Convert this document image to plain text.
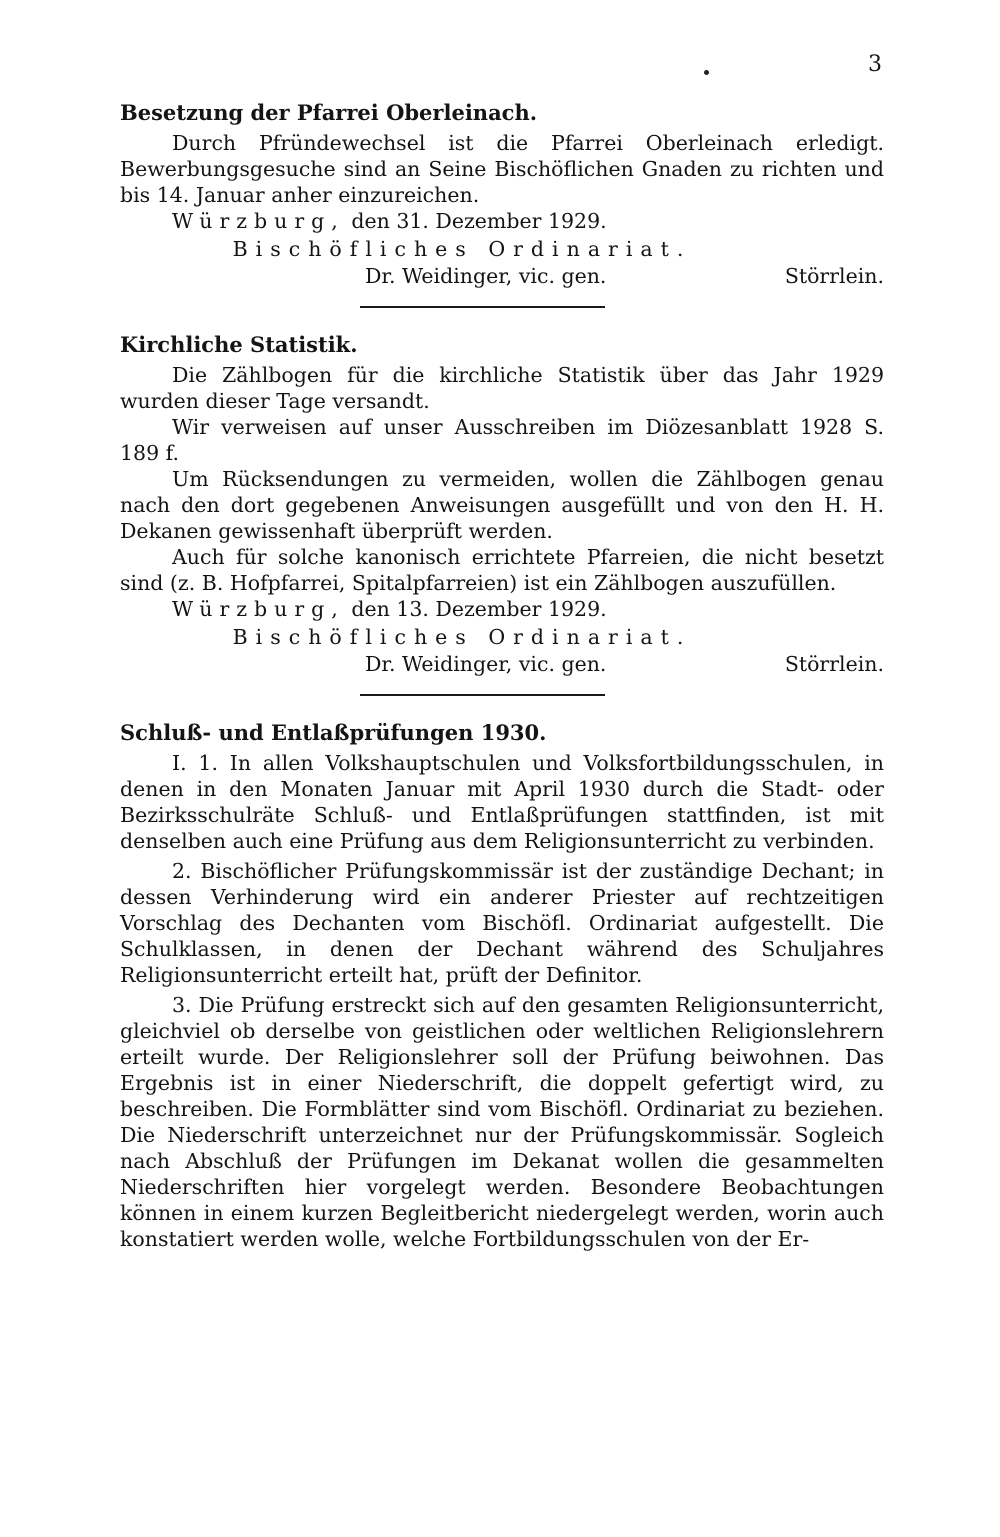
3
Besetzung der Pfarrei Oberleinach.

Durch Pfründewechsel ist die Pfarrei Oberleinach erledigt. Bewerbungsgesuche sind an Seine Bischöflichen Gnaden zu richten und bis 14. Januar anher einzureichen.

Würzburg, den 31. Dezember 1929.

Bischöfliches Ordinariat.

Dr. Weidinger, vic. gen.	Störrlein.
Kirchliche Statistik.

Die Zählbogen für die kirchliche Statistik über das Jahr 1929 wurden dieser Tage versandt.

Wir verweisen auf unser Ausschreiben im Diözesanblatt 1928 S. 189 f.

Um Rücksendungen zu vermeiden, wollen die Zählbogen genau nach den dort gegebenen Anweisungen ausgefüllt und von den H. H. Dekanen gewissenhaft überprüft werden.

Auch für solche kanonisch errichtete Pfarreien, die nicht besetzt sind (z. B. Hofpfarrei, Spitalpfarreien) ist ein Zählbogen auszufüllen.

Würzburg, den 13. Dezember 1929.

Bischöfliches Ordinariat.

Dr. Weidinger, vic. gen.	Störrlein.
Schluß- und Entlaßprüfungen 1930.

I. 1. In allen Volkshauptschulen und Volksfortbildungsschulen, in denen in den Monaten Januar mit April 1930 durch die Stadt- oder Bezirksschulräte Schluß- und Entlaßprüfungen stattfinden, ist mit denselben auch eine Prüfung aus dem Religionsunterricht zu verbinden.

2. Bischöflicher Prüfungskommissär ist der zuständige Dechant; in dessen Verhinderung wird ein anderer Priester auf rechtzeitigen Vorschlag des Dechanten vom Bischöfl. Ordinariat aufgestellt. Die Schulklassen, in denen der Dechant während des Schuljahres Religionsunterricht erteilt hat, prüft der Definitor.

3. Die Prüfung erstreckt sich auf den gesamten Religionsunterricht, gleichviel ob derselbe von geistlichen oder weltlichen Religionslehrern erteilt wurde. Der Religionslehrer soll der Prüfung beiwohnen. Das Ergebnis ist in einer Niederschrift, die doppelt gefertigt wird, zu beschreiben. Die Formblätter sind vom Bischöfl. Ordinariat zu beziehen. Die Niederschrift unterzeichnet nur der Prüfungskommissär. Sogleich nach Abschluß der Prüfungen im Dekanat wollen die gesammelten Niederschriften hier vorgelegt werden. Besondere Beobachtungen können in einem kurzen Begleitbericht niedergelegt werden, worin auch konstatiert werden wolle, welche Fortbildungsschulen von der Er-
